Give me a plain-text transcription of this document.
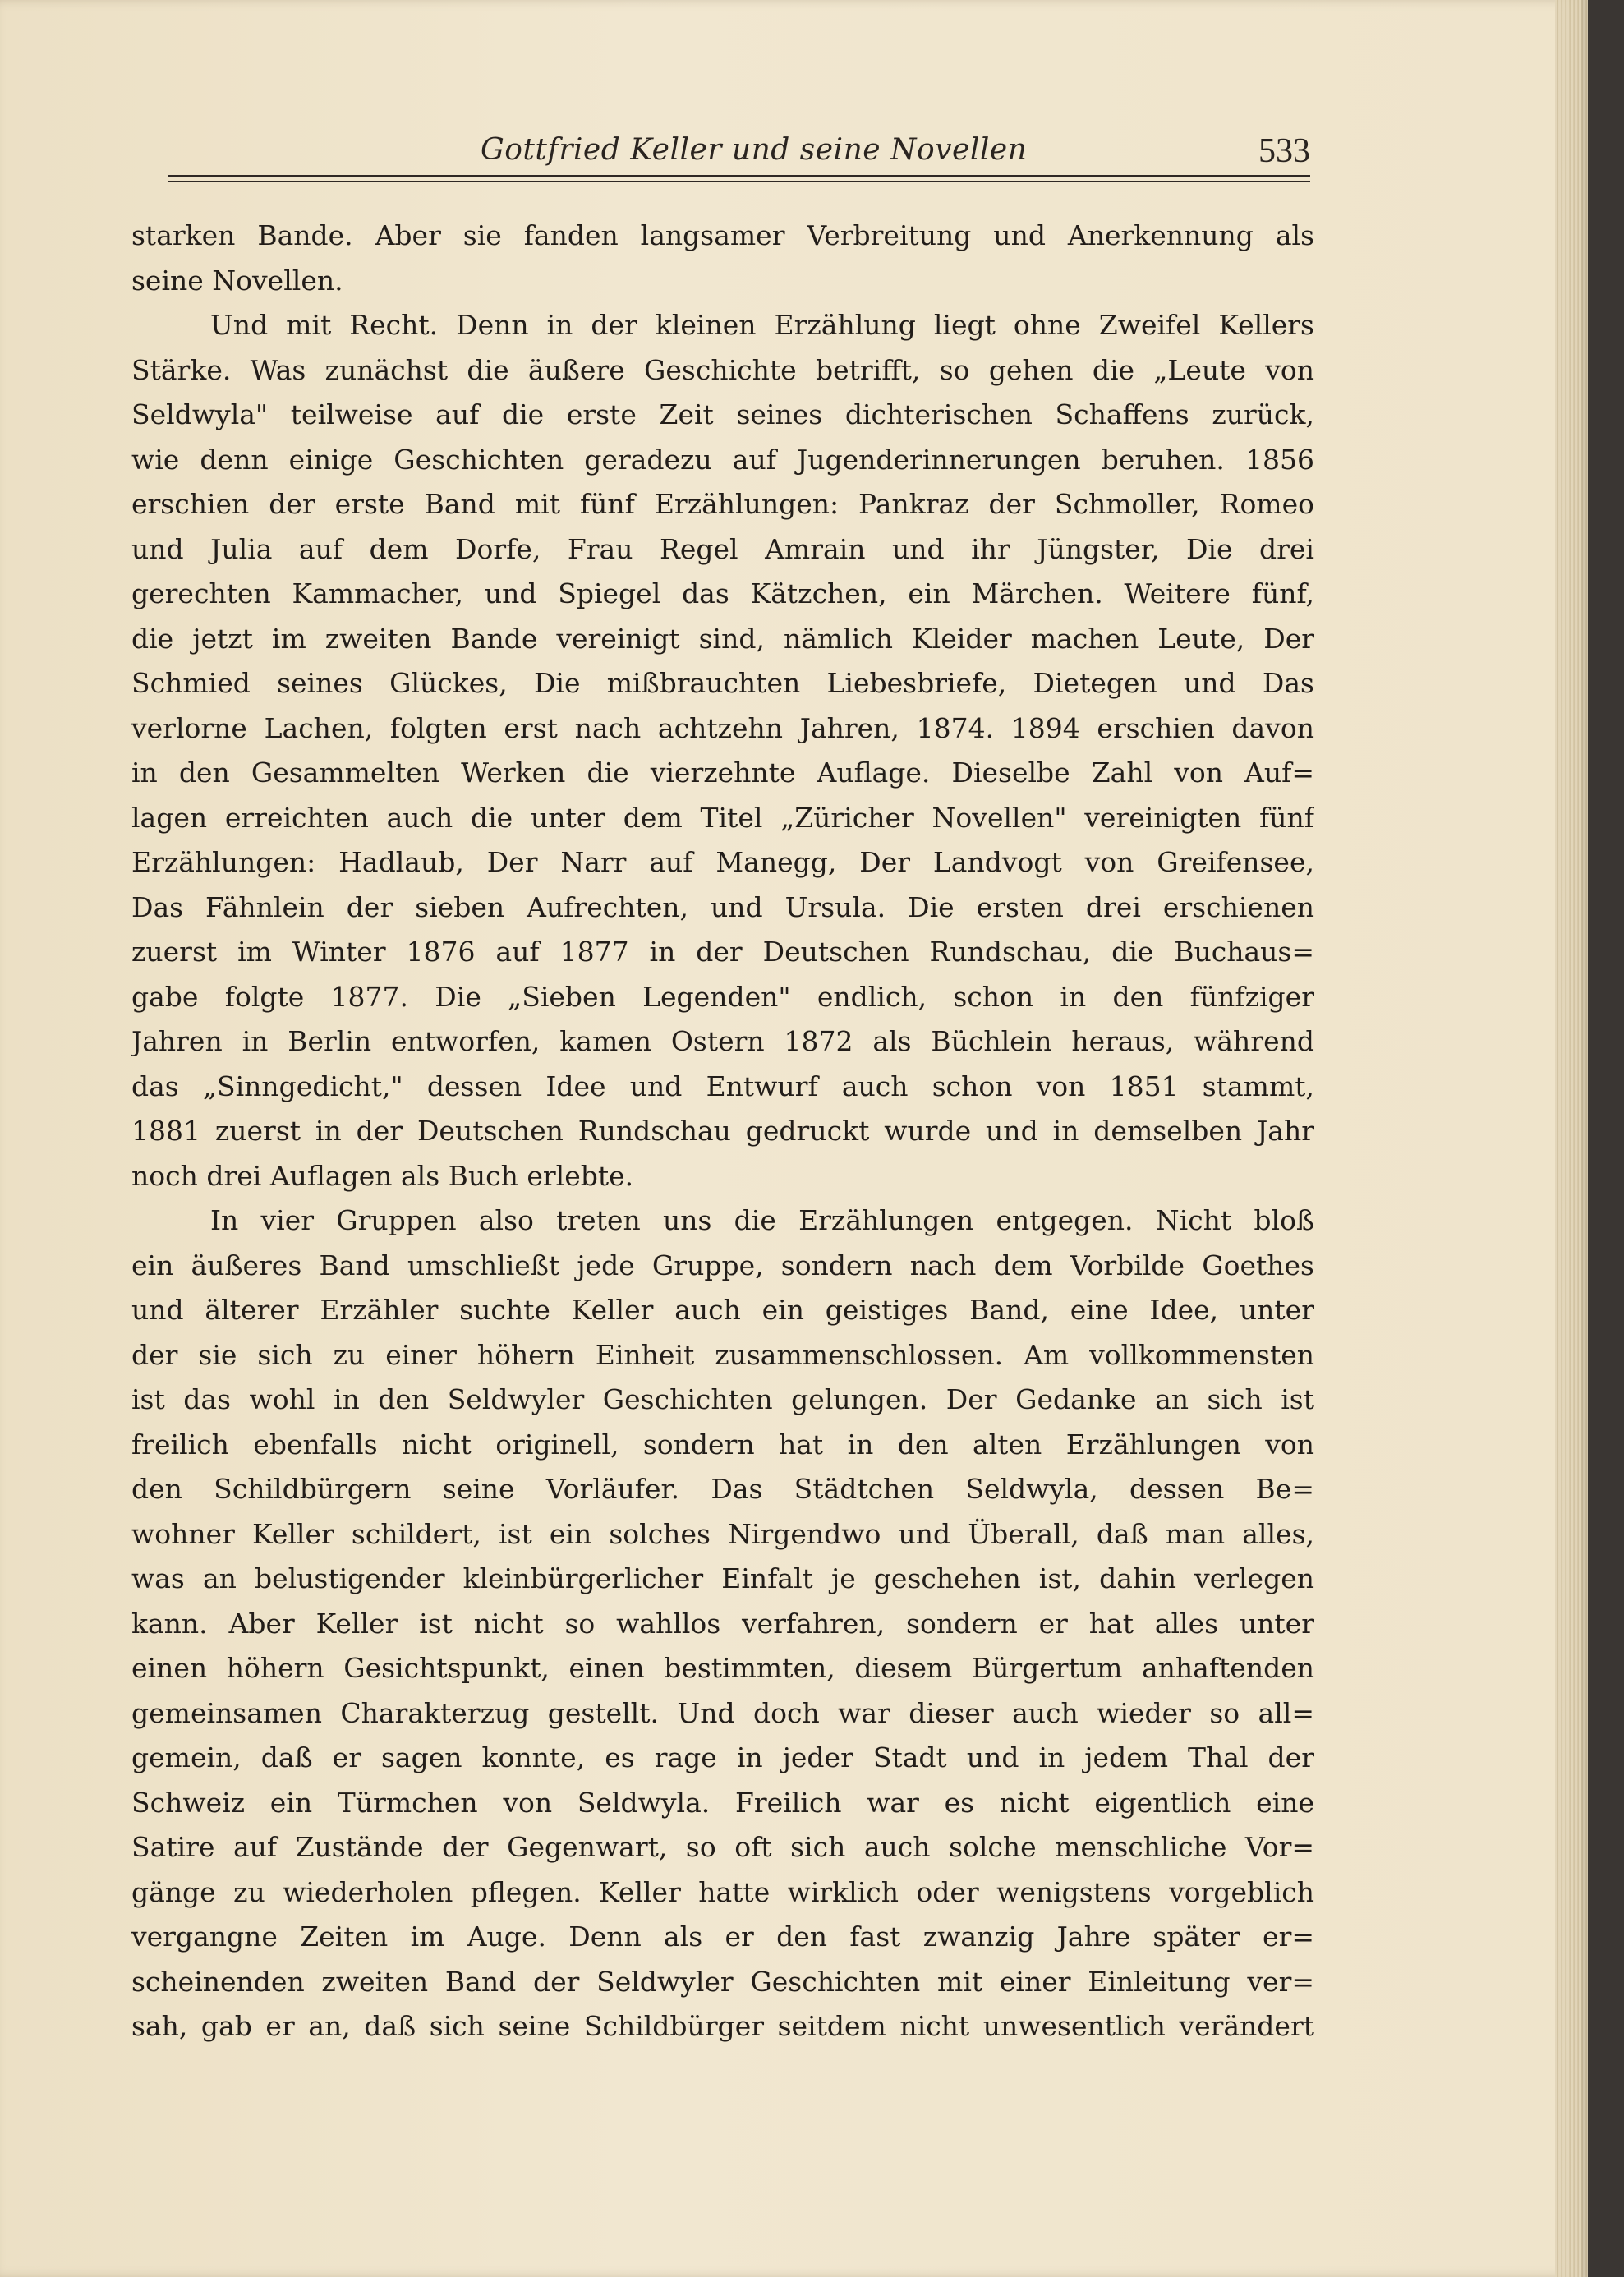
Gottfried Keller und seine Novellen	533
starken Bande. Aber sie fanden langsamer Verbreitung und Anerkennung als
seine Novellen.
Und mit Recht. Denn in der kleinen Erzählung liegt ohne Zweifel Kellers
Stärke. Was zunächst die äußere Geschichte betrifft, so gehen die „Leute von
Seldwyla" teilweise auf die erste Zeit seines dichterischen Schaffens zurück,
wie denn einige Geschichten geradezu auf Jugenderinnerungen beruhen. 1856
erschien der erste Band mit fünf Erzählungen: Pankraz der Schmoller, Romeo
und Julia auf dem Dorfe, Frau Regel Amrain und ihr Jüngster, Die drei
gerechten Kammacher, und Spiegel das Kätzchen, ein Märchen. Weitere fünf,
die jetzt im zweiten Bande vereinigt sind, nämlich Kleider machen Leute, Der
Schmied seines Glückes, Die mißbrauchten Liebesbriefe, Dietegen und Das
verlorne Lachen, folgten erst nach achtzehn Jahren, 1874. 1894 erschien davon
in den Gesammelten Werken die vierzehnte Auflage. Dieselbe Zahl von Auf=
lagen erreichten auch die unter dem Titel „Züricher Novellen" vereinigten fünf
Erzählungen: Hadlaub, Der Narr auf Manegg, Der Landvogt von Greifensee,
Das Fähnlein der sieben Aufrechten, und Ursula. Die ersten drei erschienen
zuerst im Winter 1876 auf 1877 in der Deutschen Rundschau, die Buchaus=
gabe folgte 1877. Die „Sieben Legenden" endlich, schon in den fünfziger
Jahren in Berlin entworfen, kamen Ostern 1872 als Büchlein heraus, während
das „Sinngedicht," dessen Idee und Entwurf auch schon von 1851 stammt,
1881 zuerst in der Deutschen Rundschau gedruckt wurde und in demselben Jahr
noch drei Auflagen als Buch erlebte.
In vier Gruppen also treten uns die Erzählungen entgegen. Nicht bloß
ein äußeres Band umschließt jede Gruppe, sondern nach dem Vorbilde Goethes
und älterer Erzähler suchte Keller auch ein geistiges Band, eine Idee, unter
der sie sich zu einer höhern Einheit zusammenschlossen. Am vollkommensten
ist das wohl in den Seldwyler Geschichten gelungen. Der Gedanke an sich ist
freilich ebenfalls nicht originell, sondern hat in den alten Erzählungen von
den Schildbürgern seine Vorläufer. Das Städtchen Seldwyla, dessen Be=
wohner Keller schildert, ist ein solches Nirgendwo und Überall, daß man alles,
was an belustigender kleinbürgerlicher Einfalt je geschehen ist, dahin verlegen
kann. Aber Keller ist nicht so wahllos verfahren, sondern er hat alles unter
einen höhern Gesichtspunkt, einen bestimmten, diesem Bürgertum anhaftenden
gemeinsamen Charakterzug gestellt. Und doch war dieser auch wieder so all=
gemein, daß er sagen konnte, es rage in jeder Stadt und in jedem Thal der
Schweiz ein Türmchen von Seldwyla. Freilich war es nicht eigentlich eine
Satire auf Zustände der Gegenwart, so oft sich auch solche menschliche Vor=
gänge zu wiederholen pflegen. Keller hatte wirklich oder wenigstens vorgeblich
vergangne Zeiten im Auge. Denn als er den fast zwanzig Jahre später er=
scheinenden zweiten Band der Seldwyler Geschichten mit einer Einleitung ver=
sah, gab er an, daß sich seine Schildbürger seitdem nicht unwesentlich verändert
